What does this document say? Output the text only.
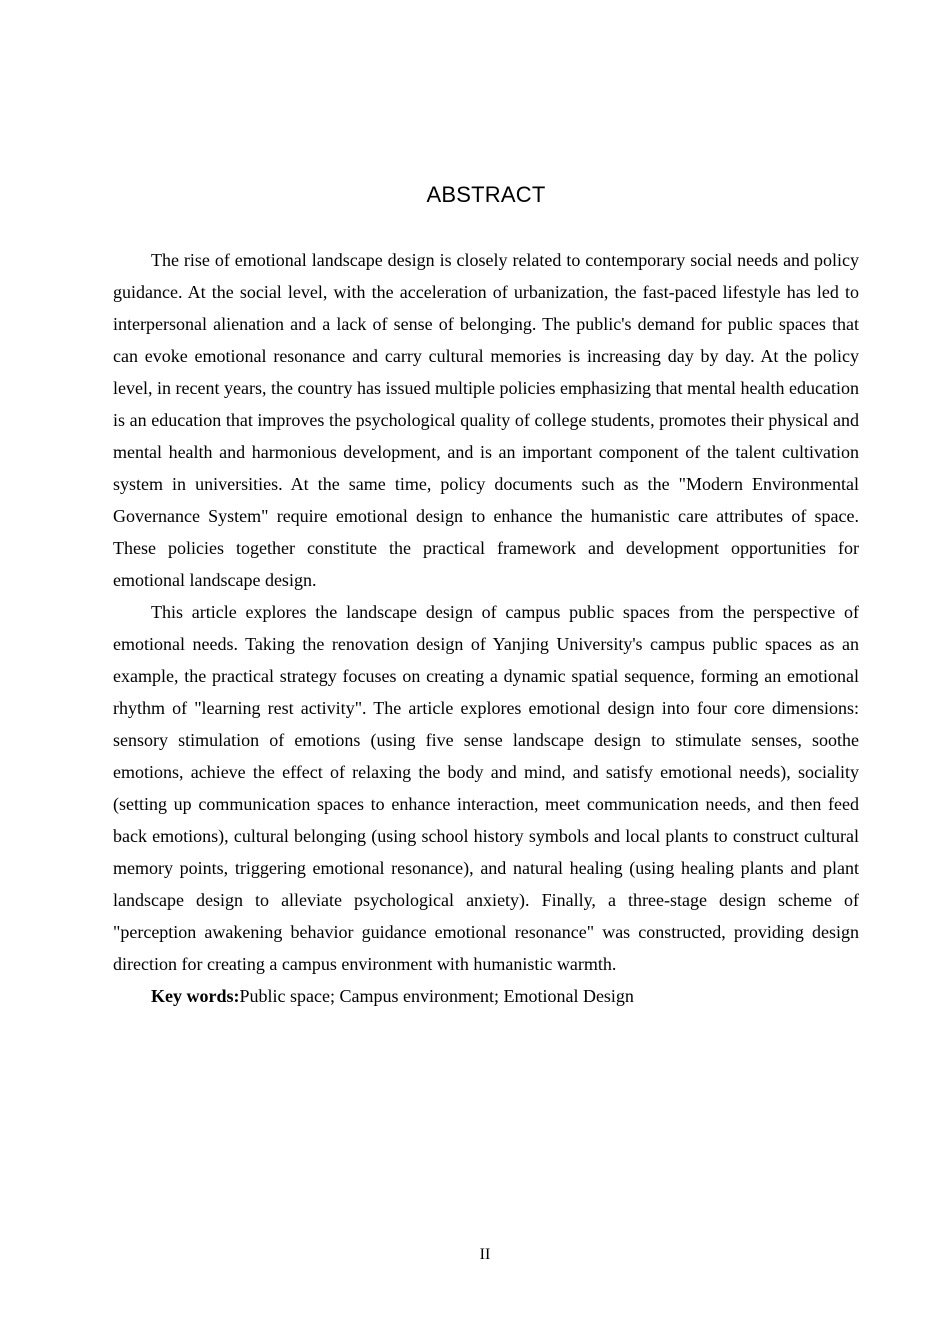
ABSTRACT

The rise of emotional landscape design is closely related to contemporary social needs and policy guidance. At the social level, with the acceleration of urbanization, the fast-paced lifestyle has led to interpersonal alienation and a lack of sense of belonging. The public's demand for public spaces that can evoke emotional resonance and carry cultural memories is increasing day by day. At the policy level, in recent years, the country has issued multiple policies emphasizing that mental health education is an education that improves the psychological quality of college students, promotes their physical and mental health and harmonious development, and is an important component of the talent cultivation system in universities. At the same time, policy documents such as the "Modern Environmental Governance System" require emotional design to enhance the humanistic care attributes of space. These policies together constitute the practical framework and development opportunities for emotional landscape design.

This article explores the landscape design of campus public spaces from the perspective of emotional needs. Taking the renovation design of Yanjing University's campus public spaces as an example, the practical strategy focuses on creating a dynamic spatial sequence, forming an emotional rhythm of "learning rest activity". The article explores emotional design into four core dimensions: sensory stimulation of emotions (using five sense landscape design to stimulate senses, soothe emotions, achieve the effect of relaxing the body and mind, and satisfy emotional needs), sociality (setting up communication spaces to enhance interaction, meet communication needs, and then feed back emotions), cultural belonging (using school history symbols and local plants to construct cultural memory points, triggering emotional resonance), and natural healing (using healing plants and plant landscape design to alleviate psychological anxiety). Finally, a three-stage design scheme of "perception awakening behavior guidance emotional resonance" was constructed, providing design direction for creating a campus environment with humanistic warmth.

Key words:Public space; Campus environment; Emotional Design

II
